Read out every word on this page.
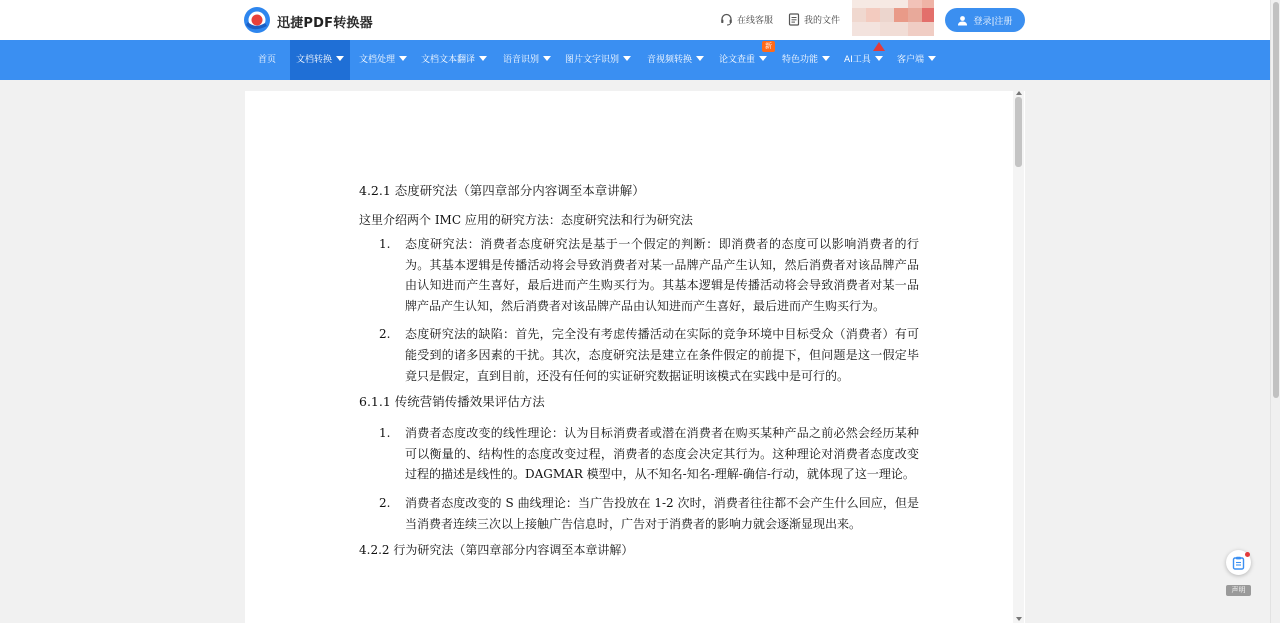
迅捷PDF转换器	在线客服	我的文件	登录|注册
首页	文档转换	文档处理	文档文本翻译	语音识别	图片文字识别	音视频转换	论文查重	特色功能	AI工具	客户端
新
4.2.1 态度研究法（第四章部分内容调至本章讲解）
这里介绍两个 IMC 应用的研究方法：态度研究法和行为研究法
1.	态度研究法：消费者态度研究法是基于一个假定的判断：即消费者的态度可以影响消费者的行为。其基本逻辑是传播活动将会导致消费者对某一品牌产品产生认知，然后消费者对该品牌产品由认知进而产生喜好，最后进而产生购买行为。其基本逻辑是传播活动将会导致消费者对某一品牌产品产生认知，然后消费者对该品牌产品由认知进而产生喜好，最后进而产生购买行为。
2.	态度研究法的缺陷：首先，完全没有考虑传播活动在实际的竞争环境中目标受众（消费者）有可能受到的诸多因素的干扰。其次，态度研究法是建立在条件假定的前提下，但问题是这一假定毕竟只是假定，直到目前，还没有任何的实证研究数据证明该模式在实践中是可行的。
6.1.1 传统营销传播效果评估方法
1.	消费者态度改变的线性理论：认为目标消费者或潜在消费者在购买某种产品之前必然会经历某种可以衡量的、结构性的态度改变过程，消费者的态度会决定其行为。这种理论对消费者态度改变过程的描述是线性的。DAGMAR 模型中，从不知名-知名-理解-确信-行动，就体现了这一理论。
2.	消费者态度改变的 S 曲线理论：当广告投放在 1-2 次时，消费者往往都不会产生什么回应，但是当消费者连续三次以上接触广告信息时，广告对于消费者的影响力就会逐渐显现出来。
4.2.2 行为研究法（第四章部分内容调至本章讲解）
声明
